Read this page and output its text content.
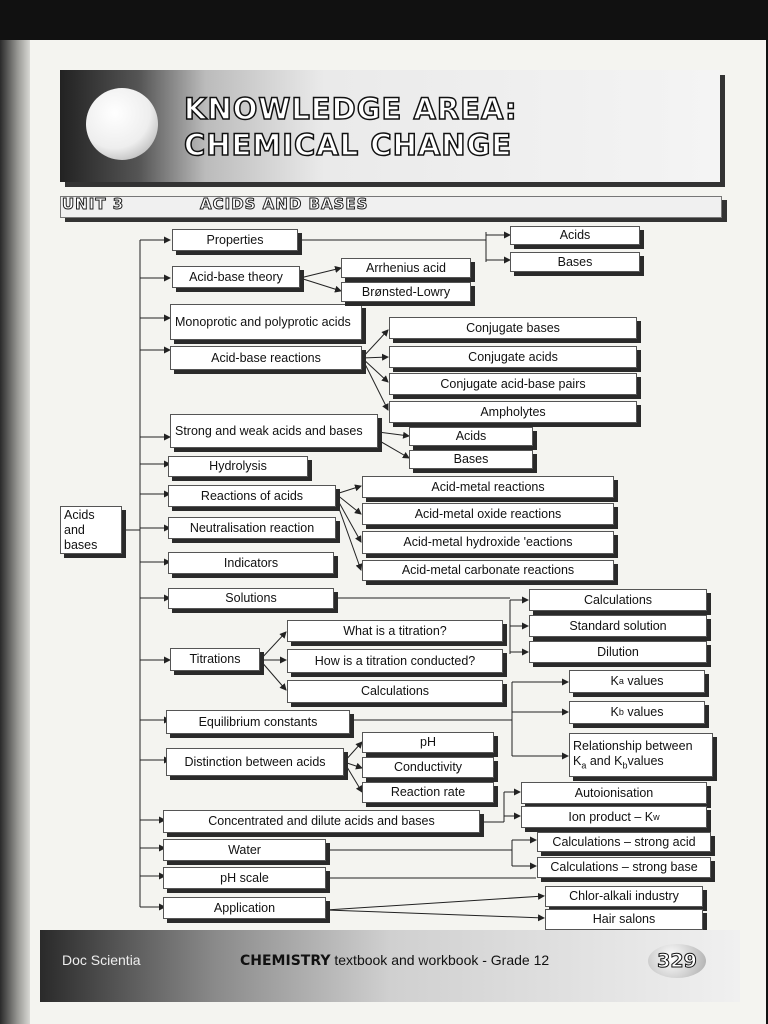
KNOWLEDGE AREA:
CHEMICAL CHANGE
UNIT 3	ACIDS AND BASES
Acids
and
bases
Properties
Acid-base theory
Monoprotic and polyprotic acids
Acid-base reactions
Strong and weak acids and bases
Hydrolysis
Reactions of acids
Neutralisation reaction
Indicators
Solutions
Titrations
Equilibrium constants
Distinction between acids
Concentrated and dilute acids and bases
Water
pH scale
Application
Acids
Bases
Arrhenius acid
Brønsted-Lowry
Conjugate bases
Conjugate acids
Conjugate acid-base pairs
Ampholytes
Acids
Bases
Acid-metal reactions
Acid-metal oxide reactions
Acid-metal hydroxide 'eactions
Acid-metal carbonate reactions
What is a titration?
How is a titration conducted?
Calculations
pH
Conductivity
Reaction rate
Calculations
Standard solution
Dilution
K a values
K b values
Relationship between
$K_a$ and $K_bvalues$
Autoionisation
Ion product – K w
Calculations – strong acid
Calculations – strong base
Chlor-alkali industry
Hair salons
Doc Scientia	CHEMISTRY textbook and workbook - Grade 12	329
